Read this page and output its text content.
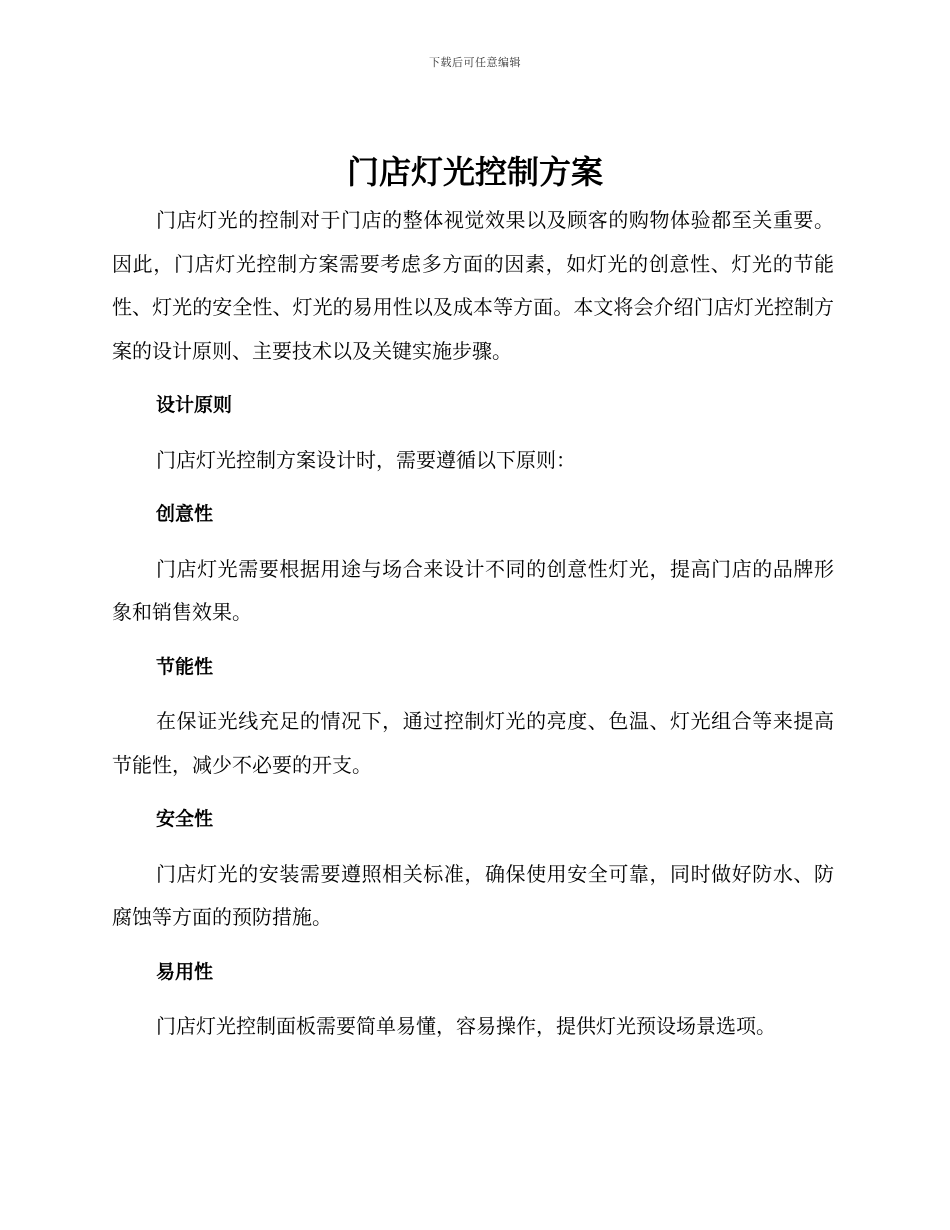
下载后可任意编辑
门店灯光控制方案

门店灯光的控制对于门店的整体视觉效果以及顾客的购物体验都至关重要。因此，门店灯光控制方案需要考虑多方面的因素，如灯光的创意性、灯光的节能性、灯光的安全性、灯光的易用性以及成本等方面。本文将会介绍门店灯光控制方案的设计原则、主要技术以及关键实施步骤。

设计原则

门店灯光控制方案设计时，需要遵循以下原则：

创意性

门店灯光需要根据用途与场合来设计不同的创意性灯光，提高门店的品牌形象和销售效果。

节能性

在保证光线充足的情况下，通过控制灯光的亮度、色温、灯光组合等来提高节能性，减少不必要的开支。

安全性

门店灯光的安装需要遵照相关标准，确保使用安全可靠，同时做好防水、防腐蚀等方面的预防措施。

易用性

门店灯光控制面板需要简单易懂，容易操作，提供灯光预设场景选项。
